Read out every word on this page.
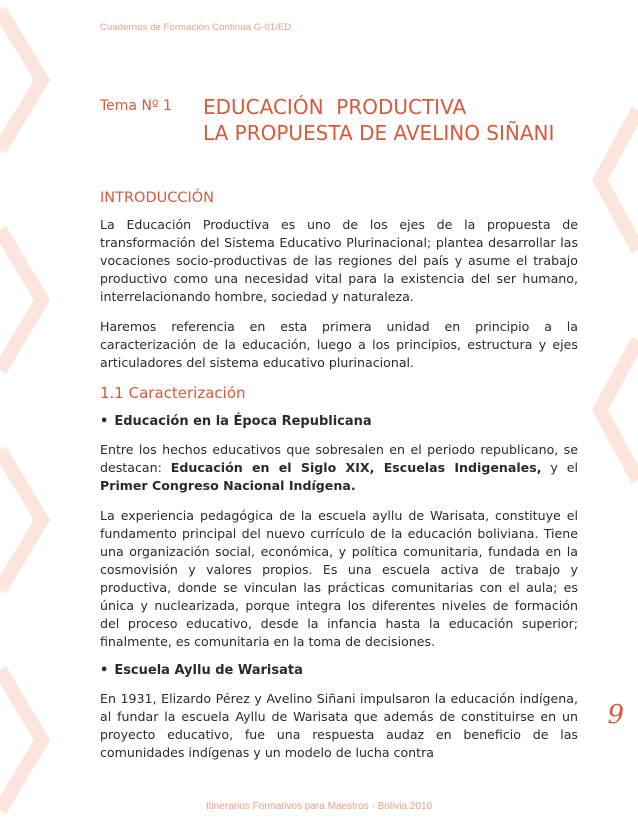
Cuadernos de Formación Continua G-01/ED
Tema Nº 1 EDUCACIÓN  PRODUCTIVA
LA PROPUESTA DE AVELINO SIÑANI
INTRODUCCIÓN

La Educación Productiva es uno de los ejes de la propuesta de transformación del Sistema Educativo Plurinacional; plantea desarrollar las vocaciones socio-productivas de las regiones del país y asume el trabajo productivo como una necesidad vital para la existencia del ser humano, interrelacionando hombre, sociedad y naturaleza.

Haremos referencia en esta primera unidad en principio a la caracterización de la educación, luego a los principios, estructura y ejes articuladores del sistema educativo plurinacional.

1.1 Caracterización
• Educación en la Época Republicana

Entre los hechos educativos que sobresalen en el periodo republicano, se destacan: Educación en el Siglo XIX, Escuelas Indigenales, y el Primer Congreso Nacional Indígena.

La experiencia pedagógica de la escuela ayllu de Warisata, constituye el fundamento principal del nuevo currículo de la educación boliviana. Tiene una organización social, económica, y política comunitaria, fundada en la cosmovisión y valores propios. Es una escuela activa de trabajo y productiva, donde se vinculan las prácticas comunitarias con el aula; es única y nuclearizada, porque integra los diferentes niveles de formación del proceso educativo, desde la infancia hasta la educación superior; finalmente, es comunitaria en la toma de decisiones.

• Escuela Ayllu de Warisata

En 1931, Elizardo Pérez y Avelino Siñani impulsaron la educación indígena, al fundar la escuela Ayllu de Warisata que además de constituirse en un proyecto educativo, fue una respuesta audaz en beneficio de las comunidades indígenas y un modelo de lucha contra

9
Itinerarios Formativos para Maestros - Bolivia 2010
